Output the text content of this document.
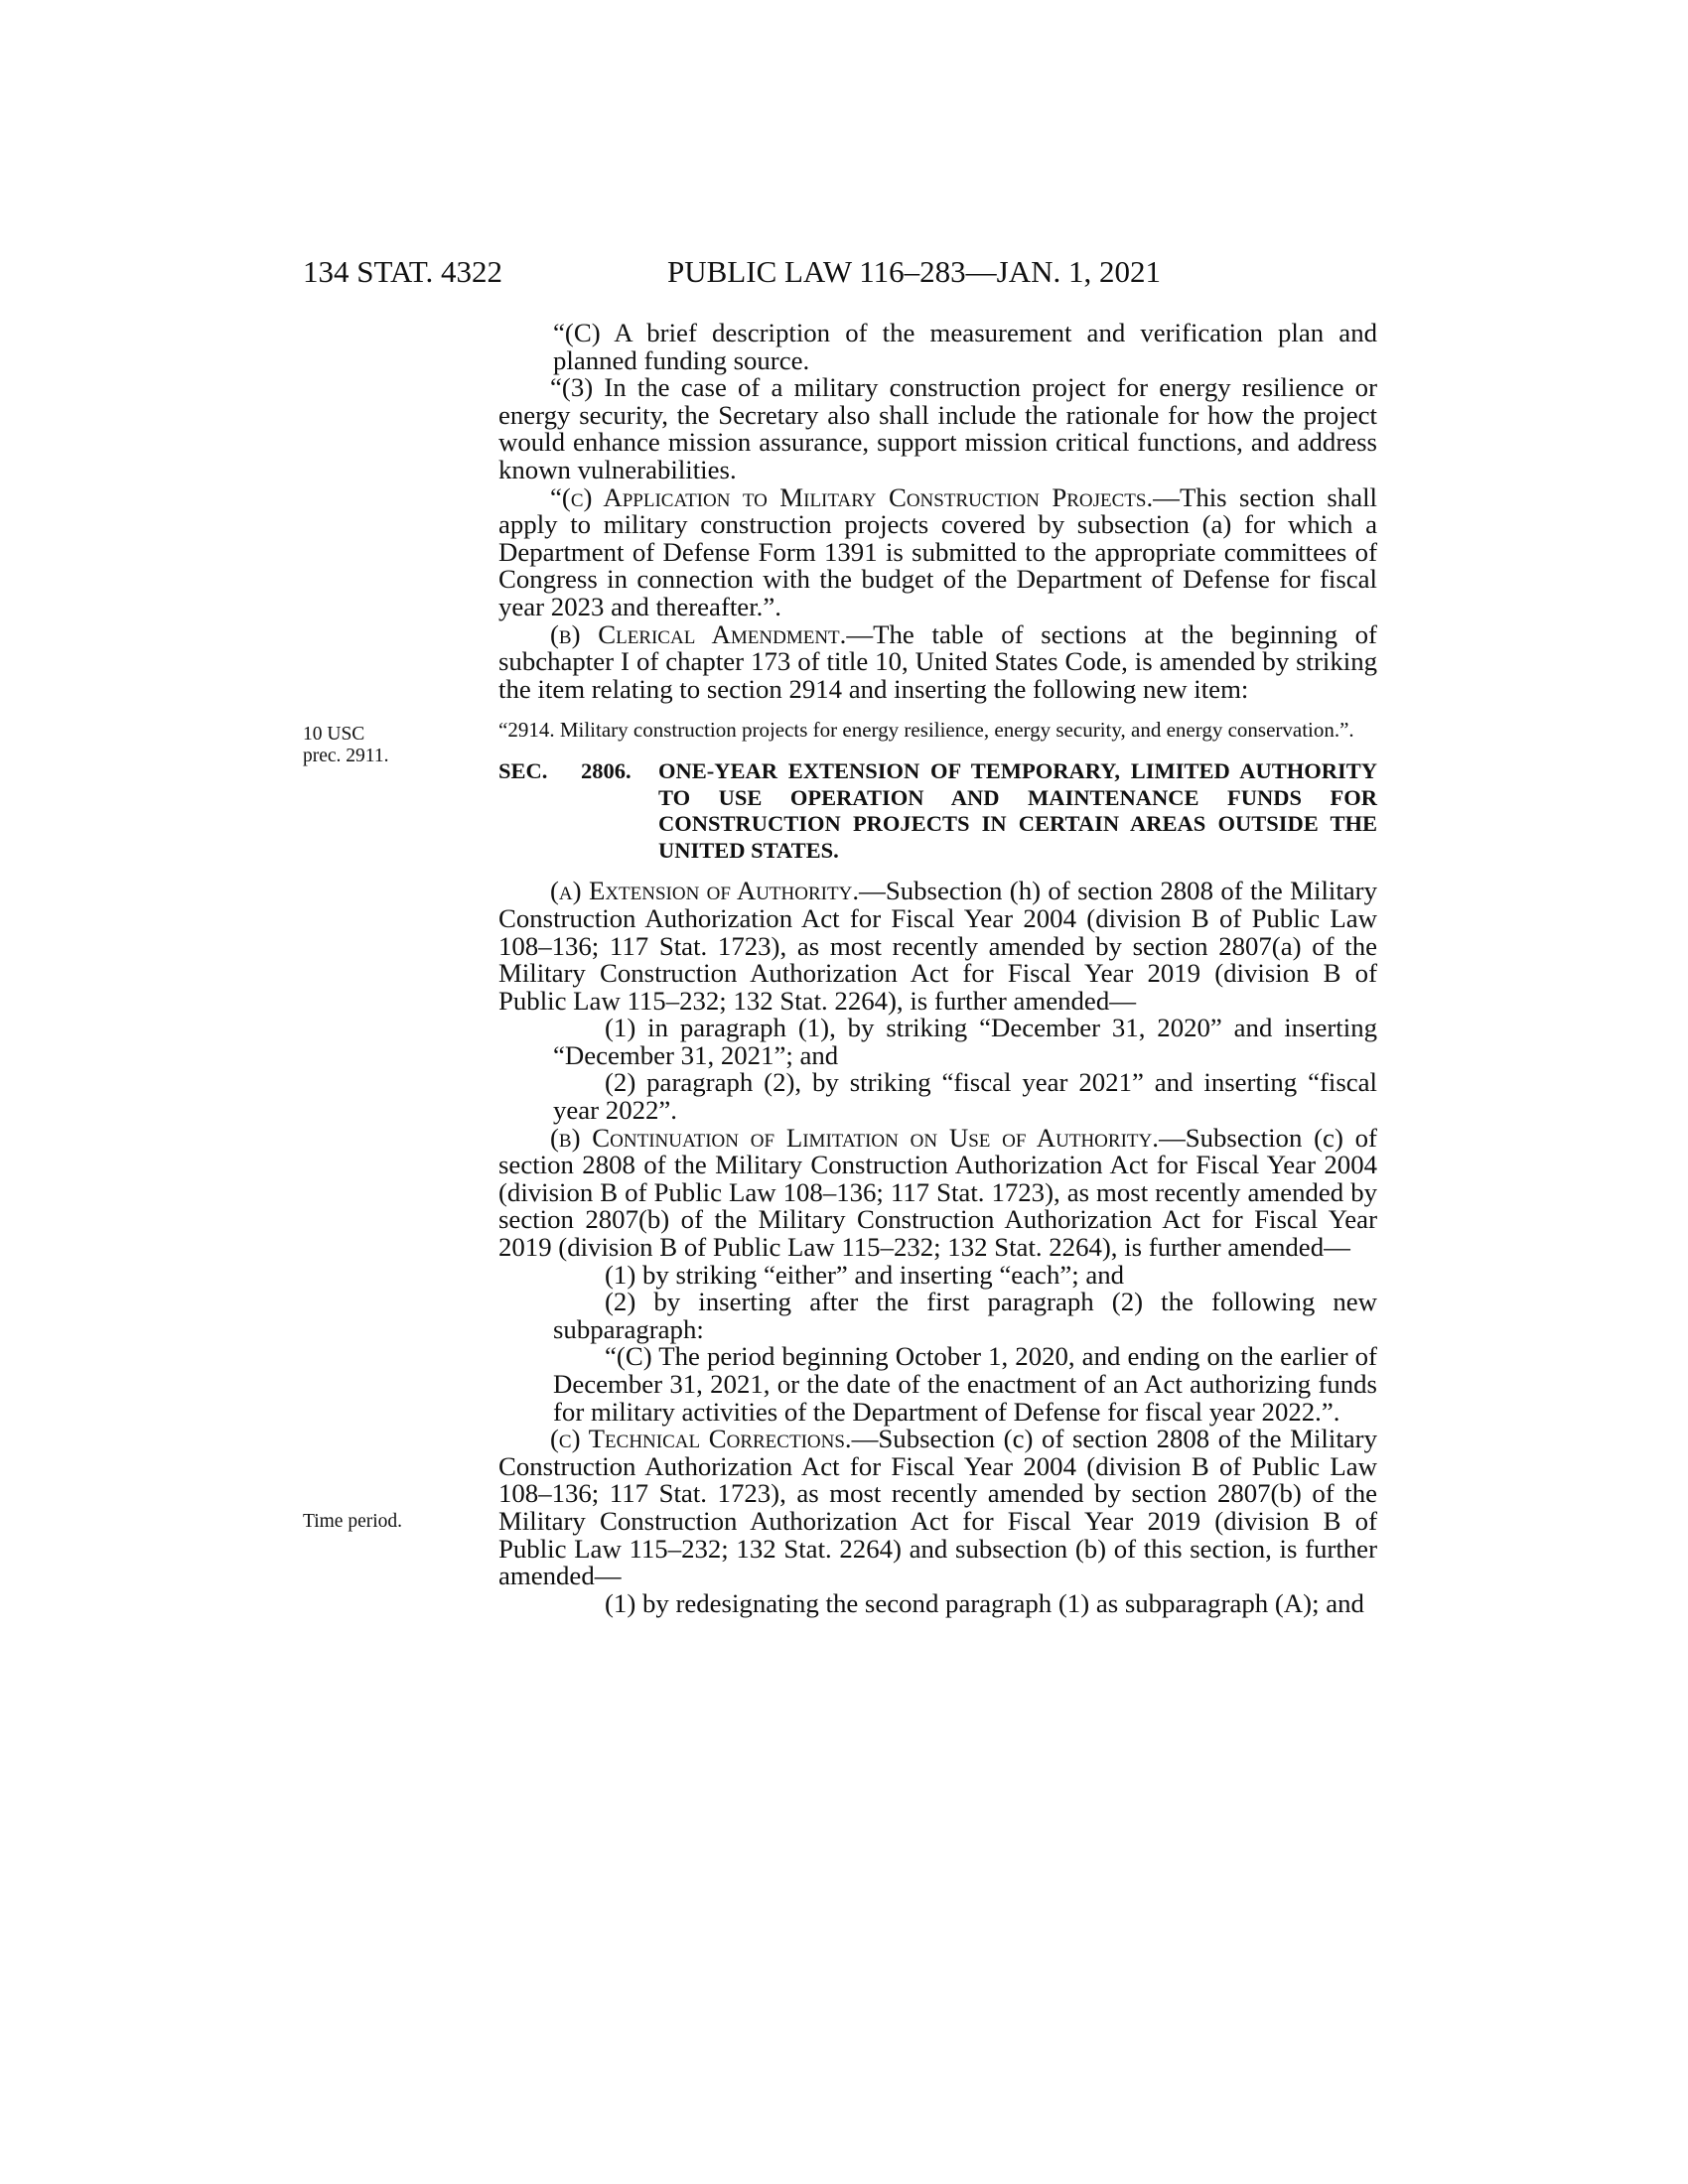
134 STAT. 4322	PUBLIC LAW 116–283—JAN. 1, 2021
10 USC
prec. 2911.
Time period.

“(C) A brief description of the measurement and verification plan and planned funding source.

“(3) In the case of a military construction project for energy resilience or energy security, the Secretary also shall include the rationale for how the project would enhance mission assurance, support mission critical functions, and address known vulnerabilities.

“(c) Application to Military Construction Projects.—This section shall apply to military construction projects covered by subsection (a) for which a Department of Defense Form 1391 is submitted to the appropriate committees of Congress in connection with the budget of the Department of Defense for fiscal year 2023 and thereafter.”.

(b) Clerical Amendment.—The table of sections at the beginning of subchapter I of chapter 173 of title 10, United States Code, is amended by striking the item relating to section 2914 and inserting the following new item:

“2914. Military construction projects for energy resilience, energy security, and energy conservation.”.

SEC. 2806.	ONE-YEAR EXTENSION OF TEMPORARY, LIMITED AUTHORITY TO USE OPERATION AND MAINTENANCE FUNDS FOR CONSTRUCTION PROJECTS IN CERTAIN AREAS OUTSIDE THE UNITED STATES.

(a) Extension of Authority.—Subsection (h) of section 2808 of the Military Construction Authorization Act for Fiscal Year 2004 (division B of Public Law 108–136; 117 Stat. 1723), as most recently amended by section 2807(a) of the Military Construction Authorization Act for Fiscal Year 2019 (division B of Public Law 115–232; 132 Stat. 2264), is further amended—

(1) in paragraph (1), by striking “December 31, 2020” and inserting “December 31, 2021”; and

(2) paragraph (2), by striking “fiscal year 2021” and inserting “fiscal year 2022”.

(b) Continuation of Limitation on Use of Authority.—Subsection (c) of section 2808 of the Military Construction Authorization Act for Fiscal Year 2004 (division B of Public Law 108–136; 117 Stat. 1723), as most recently amended by section 2807(b) of the Military Construction Authorization Act for Fiscal Year 2019 (division B of Public Law 115–232; 132 Stat. 2264), is further amended—

(1) by striking “either” and inserting “each”; and

(2) by inserting after the first paragraph (2) the following new subparagraph:

“(C) The period beginning October 1, 2020, and ending on the earlier of December 31, 2021, or the date of the enactment of an Act authorizing funds for military activities of the Department of Defense for fiscal year 2022.”.

(c) Technical Corrections.—Subsection (c) of section 2808 of the Military Construction Authorization Act for Fiscal Year 2004 (division B of Public Law 108–136; 117 Stat. 1723), as most recently amended by section 2807(b) of the Military Construction Authorization Act for Fiscal Year 2019 (division B of Public Law 115–232; 132 Stat. 2264) and subsection (b) of this section, is further amended—

(1) by redesignating the second paragraph (1) as subparagraph (A); and
